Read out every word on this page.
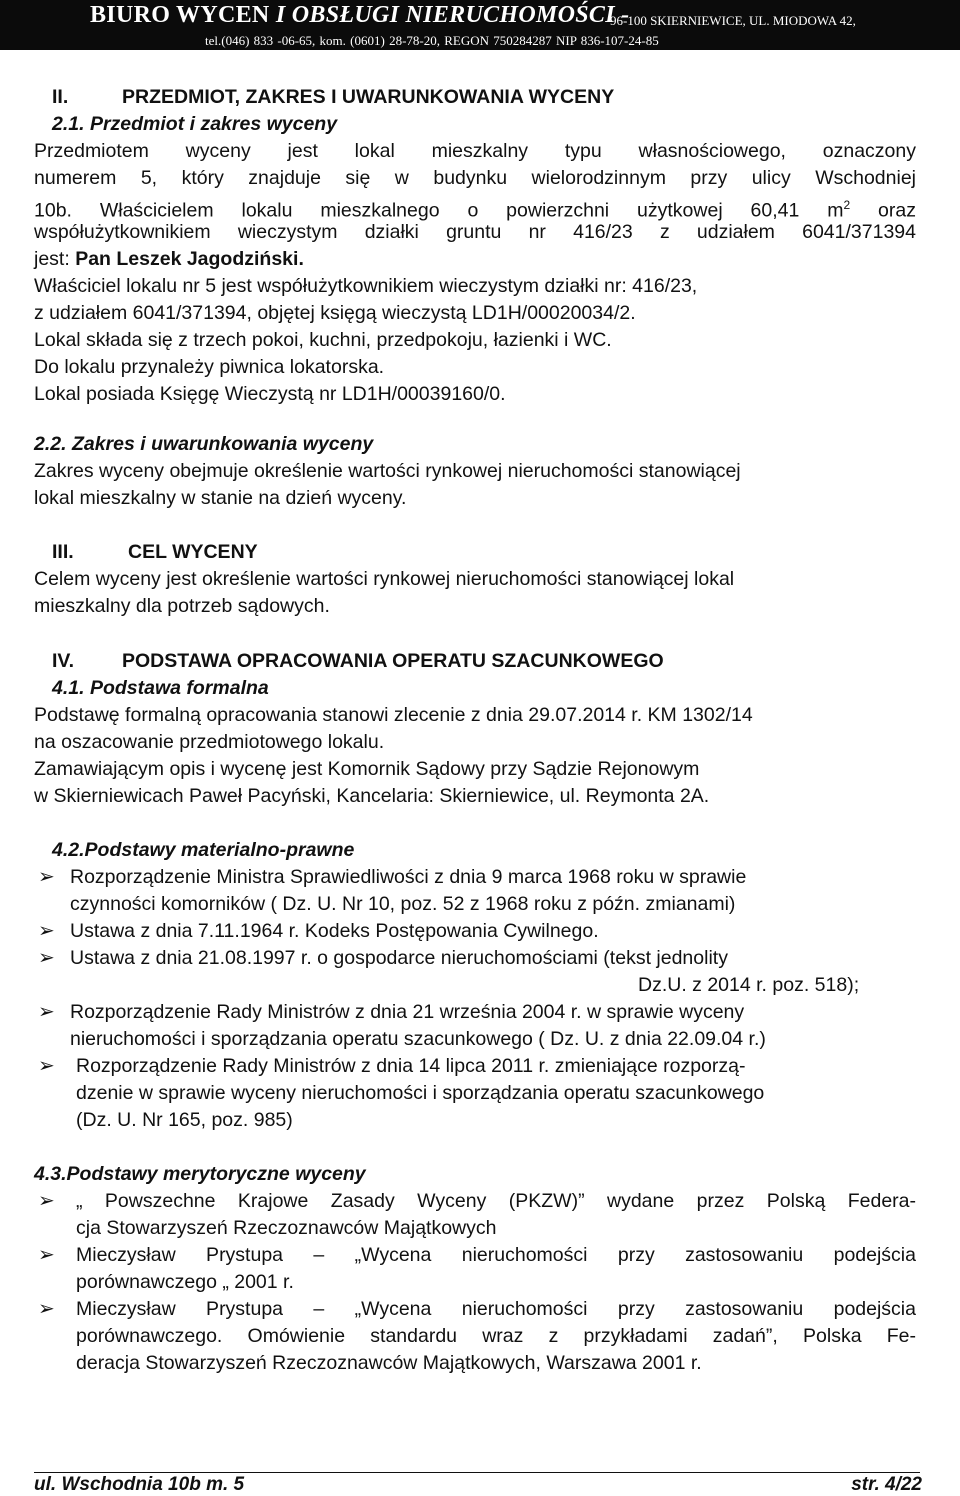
BIURO WYCEN I OBSŁUGI NIERUCHOMOŚCI -
96-100 SKIERNIEWICE, UL. MIODOWA 42,
tel.(046) 833 -06-65, kom. (0601) 28-78-20, REGON 750284287 NIP 836-107-24-85
II.	PRZEDMIOT, ZAKRES I UWARUNKOWANIA WYCENY
2.1. Przedmiot i zakres wyceny
Przedmiotem wyceny jest lokal mieszkalny typu własnościowego, oznaczony
numerem 5, który znajduje się w budynku wielorodzinnym przy ulicy Wschodniej
10b. Właścicielem lokalu mieszkalnego o powierzchni użytkowej 60,41 $m^2$ oraz
współużytkownikiem wieczystym działki gruntu nr 416/23 z udziałem 6041/371394
jest: Pan Leszek Jagodziński.
Właściciel lokalu nr 5 jest współużytkownikiem wieczystym działki nr: 416/23,
z udziałem 6041/371394, objętej księgą wieczystą LD1H/00020034/2.
Lokal składa się z trzech pokoi, kuchni, przedpokoju, łazienki i WC.
Do lokalu przynależy piwnica lokatorska.
Lokal posiada Księgę Wieczystą nr LD1H/00039160/0.
2.2. Zakres i uwarunkowania wyceny
Zakres wyceny obejmuje określenie wartości rynkowej nieruchomości stanowiącej
lokal mieszkalny w stanie na dzień wyceny.
III.	CEL WYCENY
Celem wyceny jest określenie wartości rynkowej nieruchomości stanowiącej lokal
mieszkalny dla potrzeb sądowych.
IV. PODSTAWA OPRACOWANIA OPERATU SZACUNKOWEGO
4.1. Podstawa formalna
Podstawę formalną opracowania stanowi zlecenie z dnia 29.07.2014 r. KM 1302/14
na oszacowanie przedmiotowego lokalu.
Zamawiającym opis i wycenę jest Komornik Sądowy przy Sądzie Rejonowym
w Skierniewicach Paweł Pacyński, Kancelaria: Skierniewice, ul. Reymonta 2A.
4.2.Podstawy materialno-prawne
➢ Rozporządzenie Ministra Sprawiedliwości z dnia 9 marca 1968 roku w sprawie
czynności komorników ( Dz. U. Nr 10, poz. 52 z 1968 roku z późn. zmianami)
➢ Ustawa z dnia 7.11.1964 r. Kodeks Postępowania Cywilnego.
➢ Ustawa z dnia 21.08.1997 r. o gospodarce nieruchomościami (tekst jednolity
Dz.U. z 2014 r. poz. 518);
➢ Rozporządzenie Rady Ministrów z dnia 21 września 2004 r. w sprawie wyceny
nieruchomości i sporządzania operatu szacunkowego ( Dz. U. z dnia 22.09.04 r.)
➢ Rozporządzenie Rady Ministrów z dnia 14 lipca 2011 r. zmieniające rozporzą-
dzenie w sprawie wyceny nieruchomości i sporządzania operatu szacunkowego
(Dz. U. Nr 165, poz. 985)
4.3.Podstawy merytoryczne wyceny
➢ „ Powszechne Krajowe Zasady Wyceny (PKZW)” wydane przez Polską Federa-
cja Stowarzyszeń Rzeczoznawców Majątkowych
➢ Mieczysław Prystupa – „Wycena nieruchomości przy zastosowaniu podejścia
porównawczego „ 2001 r.
➢ Mieczysław Prystupa – „Wycena nieruchomości przy zastosowaniu podejścia
porównawczego. Omówienie standardu wraz z przykładami zadań”, Polska Fe-
deracja Stowarzyszeń Rzeczoznawców Majątkowych, Warszawa 2001 r.
ul. Wschodnia 10b m. 5	str. 4/22
